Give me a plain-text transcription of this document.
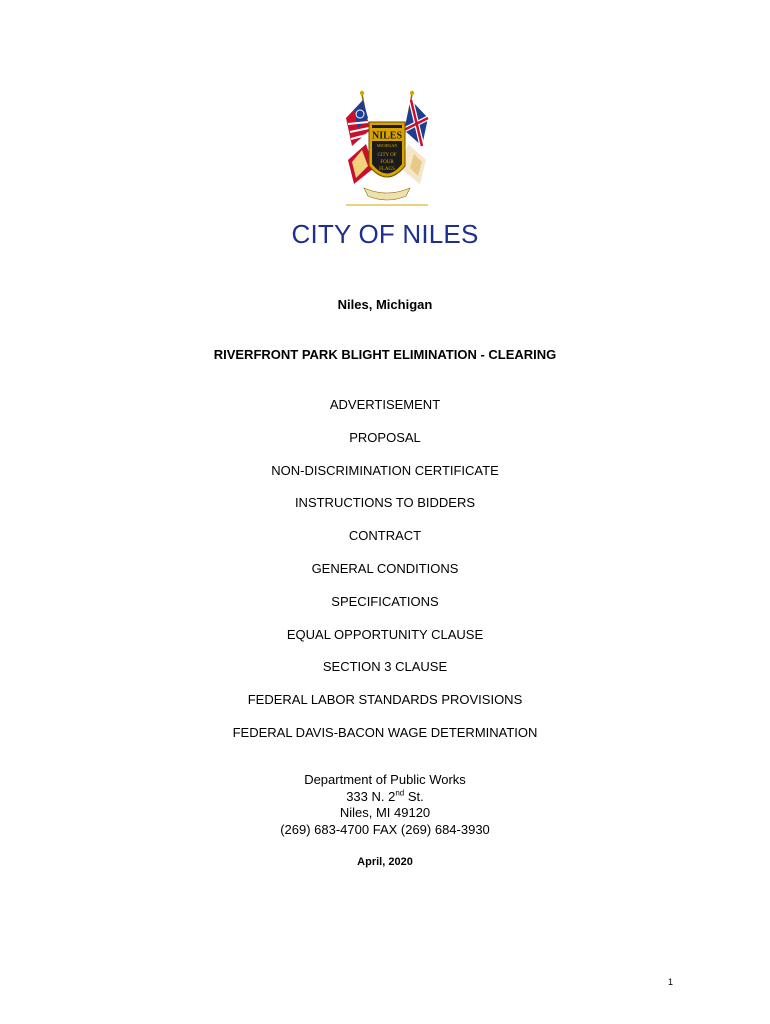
NILES
MICHIGAN
CITY OF
FOUR
FLAGS
CITY OF NILES
Niles, Michigan
RIVERFRONT PARK BLIGHT ELIMINATION - CLEARING
ADVERTISEMENT
PROPOSAL
NON-DISCRIMINATION CERTIFICATE
INSTRUCTIONS TO BIDDERS
CONTRACT
GENERAL CONDITIONS
SPECIFICATIONS
EQUAL OPPORTUNITY CLAUSE
SECTION 3 CLAUSE
FEDERAL LABOR STANDARDS PROVISIONS
FEDERAL DAVIS-BACON WAGE DETERMINATION
Department of Public Works
333 N. 2nd St.
Niles, MI 49120
(269) 683-4700 FAX (269) 684-3930
April, 2020
1
